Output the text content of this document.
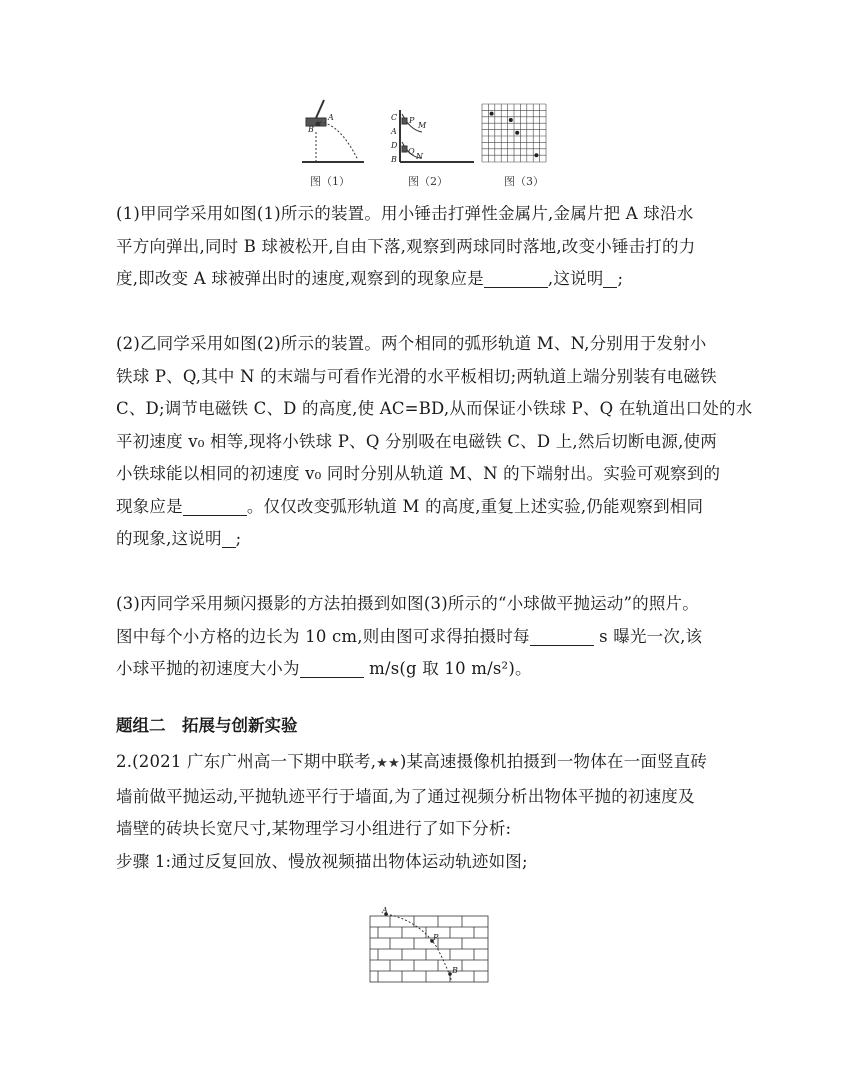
A
B
C P
M
A
D
Q
N
B
图（1）	图（2）	图（3）

(1)甲同学采用如图(1)所示的装置。用小锤击打弹性金属片,金属片把 A 球沿水
平方向弹出,同时 B 球被松开,自由下落,观察到两球同时落地,改变小锤击打的力
度,即改变 A 球被弹出时的速度,观察到的现象应是	,这说明 ;

(2)乙同学采用如图(2)所示的装置。两个相同的弧形轨道 M、N,分别用于发射小
铁球 P、Q,其中 N 的末端与可看作光滑的水平板相切;两轨道上端分别装有电磁铁
C、D;调节电磁铁 C、D 的高度,使 AC=BD,从而保证小铁球 P、Q 在轨道出口处的水
平初速度 v₀ 相等,现将小铁球 P、Q 分别吸在电磁铁 C、D 上,然后切断电源,使两
小铁球能以相同的初速度 v₀ 同时分别从轨道 M、N 的下端射出。实验可观察到的
现象应是	。仅仅改变弧形轨道 M 的高度,重复上述实验,仍能观察到相同
的现象,这说明 ;

(3)丙同学采用频闪摄影的方法拍摄到如图(3)所示的“小球做平抛运动”的照片。
图中每个小方格的边长为 10 cm,则由图可求得拍摄时每	s 曝光一次,该
小球平抛的初速度大小为	m/s(g 取 10 m/s²)。

题组二　拓展与创新实验

2.(2021 广东广州高一下期中联考,★★)某高速摄像机拍摄到一物体在一面竖直砖
墙前做平抛运动,平抛轨迹平行于墙面,为了通过视频分析出物体平抛的初速度及
墙壁的砖块长宽尺寸,某物理学习小组进行了如下分析:
步骤 1:通过反复回放、慢放视频描出物体运动轨迹如图;

A
P
B
